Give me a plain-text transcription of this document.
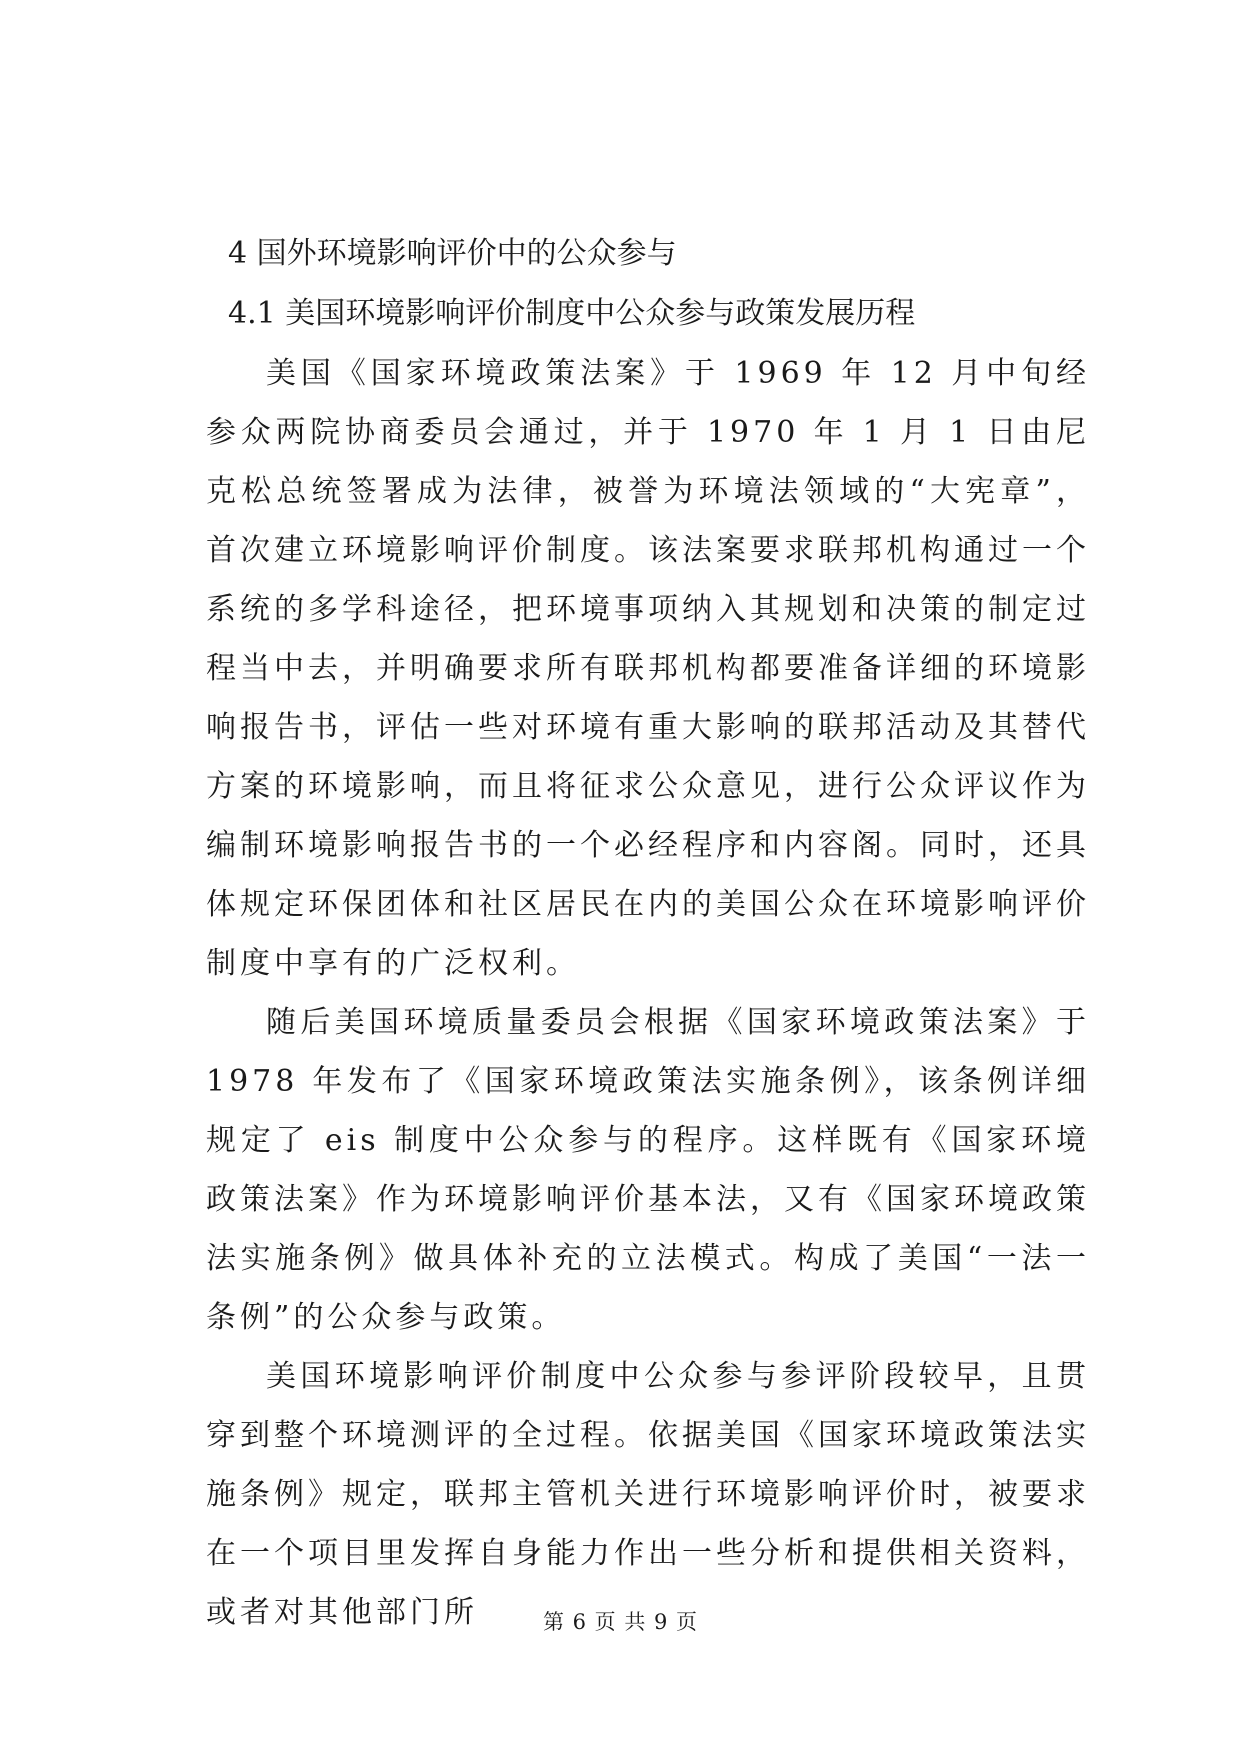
4 国外环境影响评价中的公众参与
4.1 美国环境影响评价制度中公众参与政策发展历程

美国《国家环境政策法案》于 1969 年 12 月中旬经参众两院协商委员会通过，并于 1970 年 1 月 1 日由尼克松总统签署成为法律，被誉为环境法领域的“大宪章”，首次建立环境影响评价制度。该法案要求联邦机构通过一个系统的多学科途径，把环境事项纳入其规划和决策的制定过程当中去，并明确要求所有联邦机构都要准备详细的环境影响报告书，评估一些对环境有重大影响的联邦活动及其替代方案的环境影响，而且将征求公众意见，进行公众评议作为编制环境影响报告书的一个必经程序和内容阁。同时，还具体规定环保团体和社区居民在内的美国公众在环境影响评价制度中享有的广泛权利。

随后美国环境质量委员会根据《国家环境政策法案》于 1978 年发布了《国家环境政策法实施条例》，该条例详细规定了 eis 制度中公众参与的程序。这样既有《国家环境政策法案》作为环境影响评价基本法，又有《国家环境政策法实施条例》做具体补充的立法模式。构成了美国“一法一条例”的公众参与政策。

美国环境影响评价制度中公众参与参评阶段较早，且贯穿到整个环境测评的全过程。依据美国《国家环境政策法实施条例》规定，联邦主管机关进行环境影响评价时，被要求在一个项目里发挥自身能力作出一些分析和提供相关资料，或者对其他部门所	第 6 页 共 9 页
